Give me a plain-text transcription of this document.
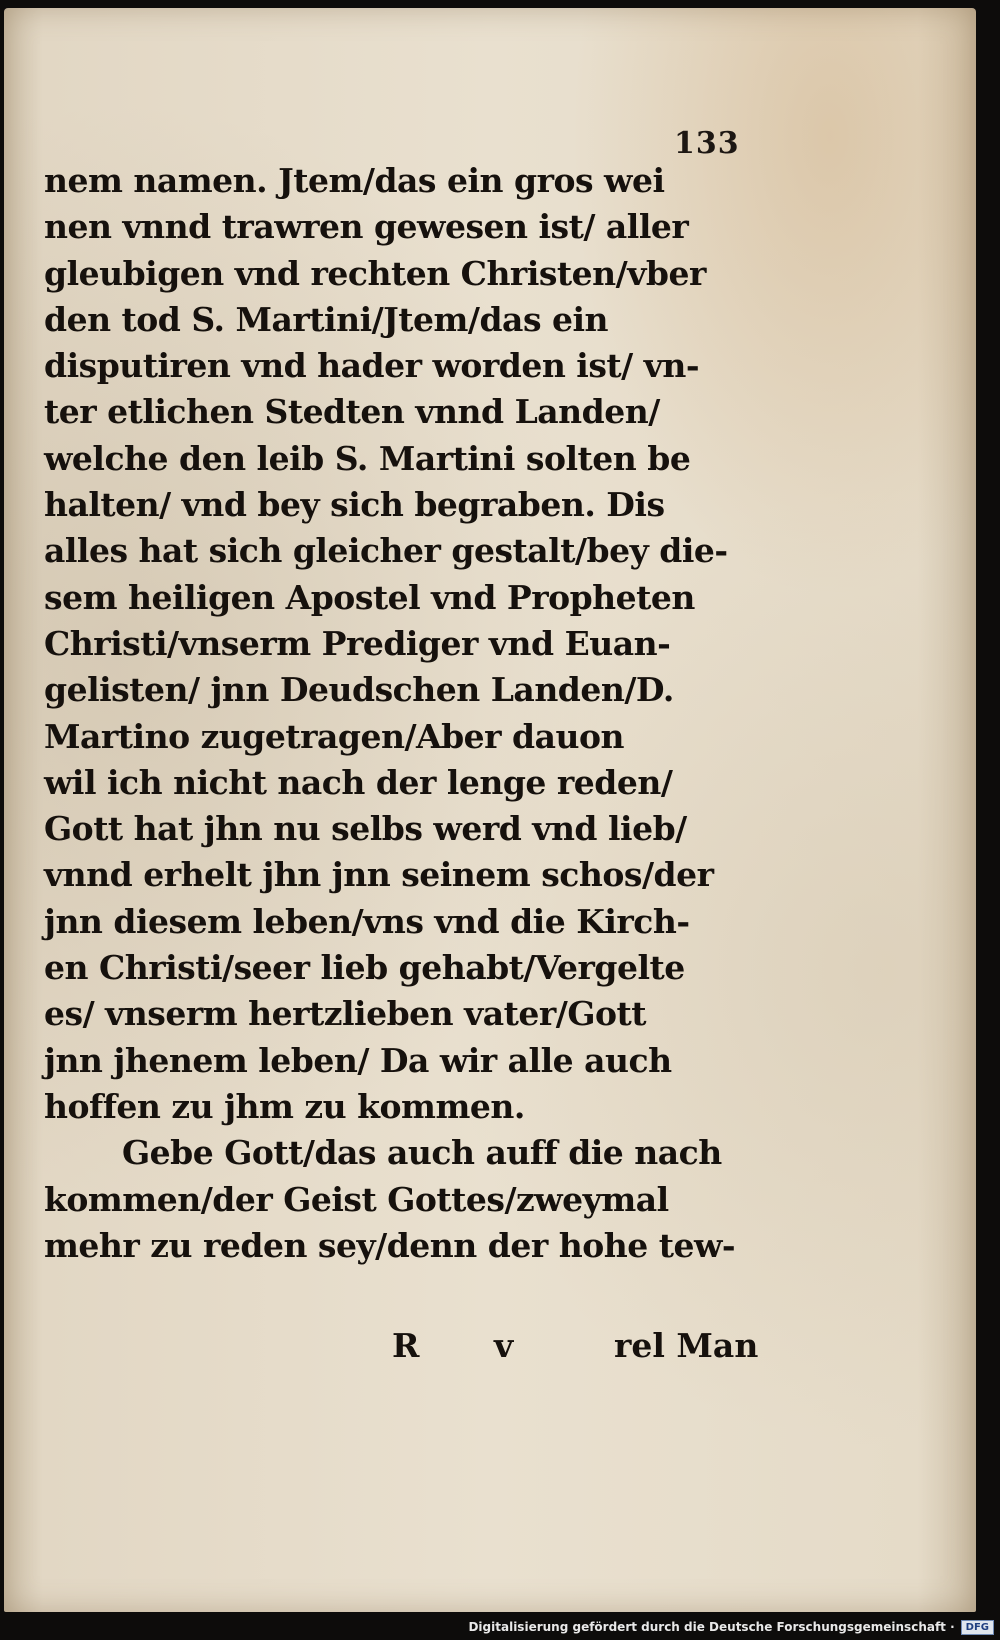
133
nem namen. Jtem/das ein gros wei
nen vnnd trawren gewesen ist/ aller
gleubigen vnd rechten Christen/vber
den tod S. Martini/Jtem/das ein
disputiren vnd hader worden ist/ vn-
ter etlichen Stedten vnnd Landen/
welche den leib S. Martini solten be
halten/ vnd bey sich begraben. Dis
alles hat sich gleicher gestalt/bey die-
sem heiligen Apostel vnd Propheten
Christi/vnserm Prediger vnd Euan-
gelisten/ jnn Deudschen Landen/D.
Martino zugetragen/Aber dauon
wil ich nicht nach der lenge reden/
Gott hat jhn nu selbs werd vnd lieb/
vnnd erhelt jhn jnn seinem schos/der
jnn diesem leben/vns vnd die Kirch-
en Christi/seer lieb gehabt/Vergelte
es/ vnserm hertzlieben vater/Gott
jnn jhenem leben/ Da wir alle auch
hoffen zu jhm zu kommen.
Gebe Gott/das auch auff die nach
kommen/der Geist Gottes/zweymal
mehr zu reden sey/denn der hohe tew-
R v	rel Man
Digitalisierung gefördert durch die Deutsche Forschungsgemeinschaft ·	DFG
